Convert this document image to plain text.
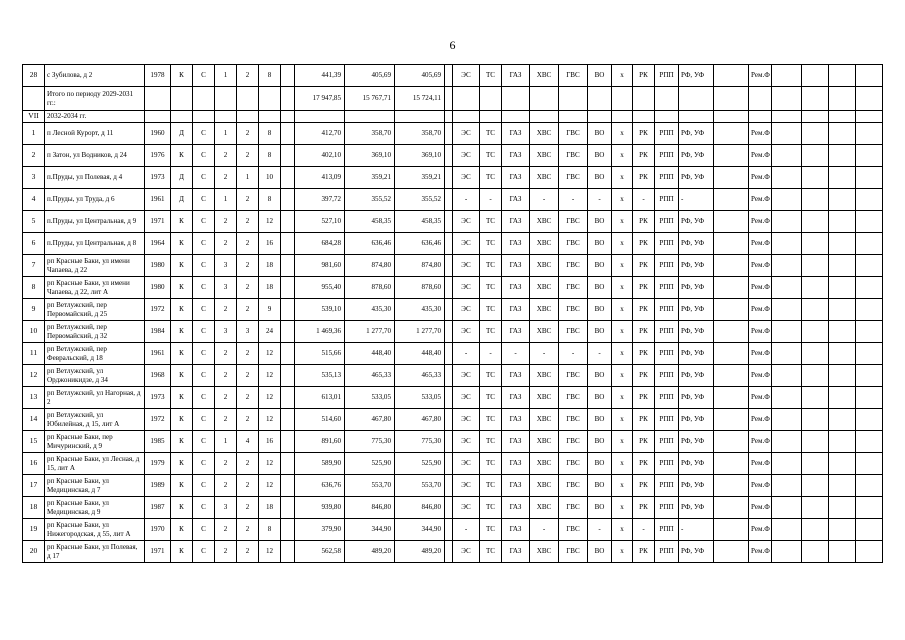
6
28	с Зубилова, д 2	1978	К	С	1	2	8		441,39	405,69	405,69		ЭС	ТС	ГАЗ	ХВС	ГВС	ВО	х	РК	РПП	РФ, УФ		Рем.Ф				
	Итого по периоду 2029-2031 гг.:								17 947,85	15 767,71	15 724,11																	
VII	2032-2034 гг.																											
1	п Лесной Курорт, д 11	1960	Д	С	1	2	8		412,70	358,70	358,70		ЭС	ТС	ГАЗ	ХВС	ГВС	ВО	х	РК	РПП	РФ, УФ		Рем.Ф				
2	п Затон, ул Водников, д 24	1976	К	С	2	2	8		402,10	369,10	369,10		ЭС	ТС	ГАЗ	ХВС	ГВС	ВО	х	РК	РПП	РФ, УФ		Рем.Ф				
3	п.Пруды, ул Полевая, д 4	1973	Д	С	2	1	10		413,09	359,21	359,21		ЭС	ТС	ГАЗ	ХВС	ГВС	ВО	х	РК	РПП	РФ, УФ		Рем.Ф				
4	п.Пруды, ул Труда, д 6	1961	Д	С	1	2	8		397,72	355,52	355,52		-	-	ГАЗ	-	-	-	х	-	РПП	-		Рем.Ф				
5	п.Пруды, ул Центральная, д 9	1971	К	С	2	2	12		527,10	458,35	458,35		ЭС	ТС	ГАЗ	ХВС	ГВС	ВО	х	РК	РПП	РФ, УФ		Рем.Ф				
6	п.Пруды, ул Центральная, д 8	1964	К	С	2	2	16		684,28	636,46	636,46		ЭС	ТС	ГАЗ	ХВС	ГВС	ВО	х	РК	РПП	РФ, УФ		Рем.Ф				
7	рп Красные Баки, ул имени Чапаева, д 22	1980	К	С	3	2	18		981,60	874,80	874,80		ЭС	ТС	ГАЗ	ХВС	ГВС	ВО	х	РК	РПП	РФ, УФ		Рем.Ф				
8	рп Красные Баки, ул имени Чапаева, д 22, лит А	1980	К	С	3	2	18		955,40	878,60	878,60		ЭС	ТС	ГАЗ	ХВС	ГВС	ВО	х	РК	РПП	РФ, УФ		Рем.Ф				
9	рп Ветлужский, пер Первомайский, д 25	1972	К	С	2	2	9		539,10	435,30	435,30		ЭС	ТС	ГАЗ	ХВС	ГВС	ВО	х	РК	РПП	РФ, УФ		Рем.Ф				
10	рп Ветлужский, пер Первомайский, д 32	1984	К	С	3	3	24		1 469,36	1 277,70	1 277,70		ЭС	ТС	ГАЗ	ХВС	ГВС	ВО	х	РК	РПП	РФ, УФ		Рем.Ф				
11	рп Ветлужский, пер Февральский, д 18	1961	К	С	2	2	12		515,66	448,40	448,40		-	-	-	-	-	-	х	РК	РПП	РФ, УФ		Рем.Ф				
12	рп Ветлужский, ул Орджоникидзе, д 34	1968	К	С	2	2	12		535,13	465,33	465,33		ЭС	ТС	ГАЗ	ХВС	ГВС	ВО	х	РК	РПП	РФ, УФ		Рем.Ф				
13	рп Ветлужский, ул Нагорная, д 2	1973	К	С	2	2	12		613,01	533,05	533,05		ЭС	ТС	ГАЗ	ХВС	ГВС	ВО	х	РК	РПП	РФ, УФ		Рем.Ф				
14	рп Ветлужский, ул Юбилейная, д 15, лит А	1972	К	С	2	2	12		514,60	467,80	467,80		ЭС	ТС	ГАЗ	ХВС	ГВС	ВО	х	РК	РПП	РФ, УФ		Рем.Ф				
15	рп Красные Баки, пер Мичуринский, д 9	1985	К	С	1	4	16		891,60	775,30	775,30		ЭС	ТС	ГАЗ	ХВС	ГВС	ВО	х	РК	РПП	РФ, УФ		Рем.Ф				
16	рп Красные Баки, ул Лесная, д 15, лит А	1979	К	С	2	2	12		589,90	525,90	525,90		ЭС	ТС	ГАЗ	ХВС	ГВС	ВО	х	РК	РПП	РФ, УФ		Рем.Ф				
17	рп Красные Баки, ул Медицинская, д 7	1989	К	С	2	2	12		636,76	553,70	553,70		ЭС	ТС	ГАЗ	ХВС	ГВС	ВО	х	РК	РПП	РФ, УФ		Рем.Ф				
18	рп Красные Баки, ул Медицинская, д 9	1987	К	С	3	2	18		939,80	846,80	846,80		ЭС	ТС	ГАЗ	ХВС	ГВС	ВО	х	РК	РПП	РФ, УФ		Рем.Ф				
19	рп Красные Баки, ул Нижегородская, д 55, лит А	1970	К	С	2	2	8		379,90	344,90	344,90		-	ТС	ГАЗ	-	ГВС	-	х	-	РПП	-		Рем.Ф				
20	рп Красные Баки, ул Полевая, д 17	1971	К	С	2	2	12		562,58	489,20	489,20		ЭС	ТС	ГАЗ	ХВС	ГВС	ВО	х	РК	РПП	РФ, УФ		Рем.Ф				
